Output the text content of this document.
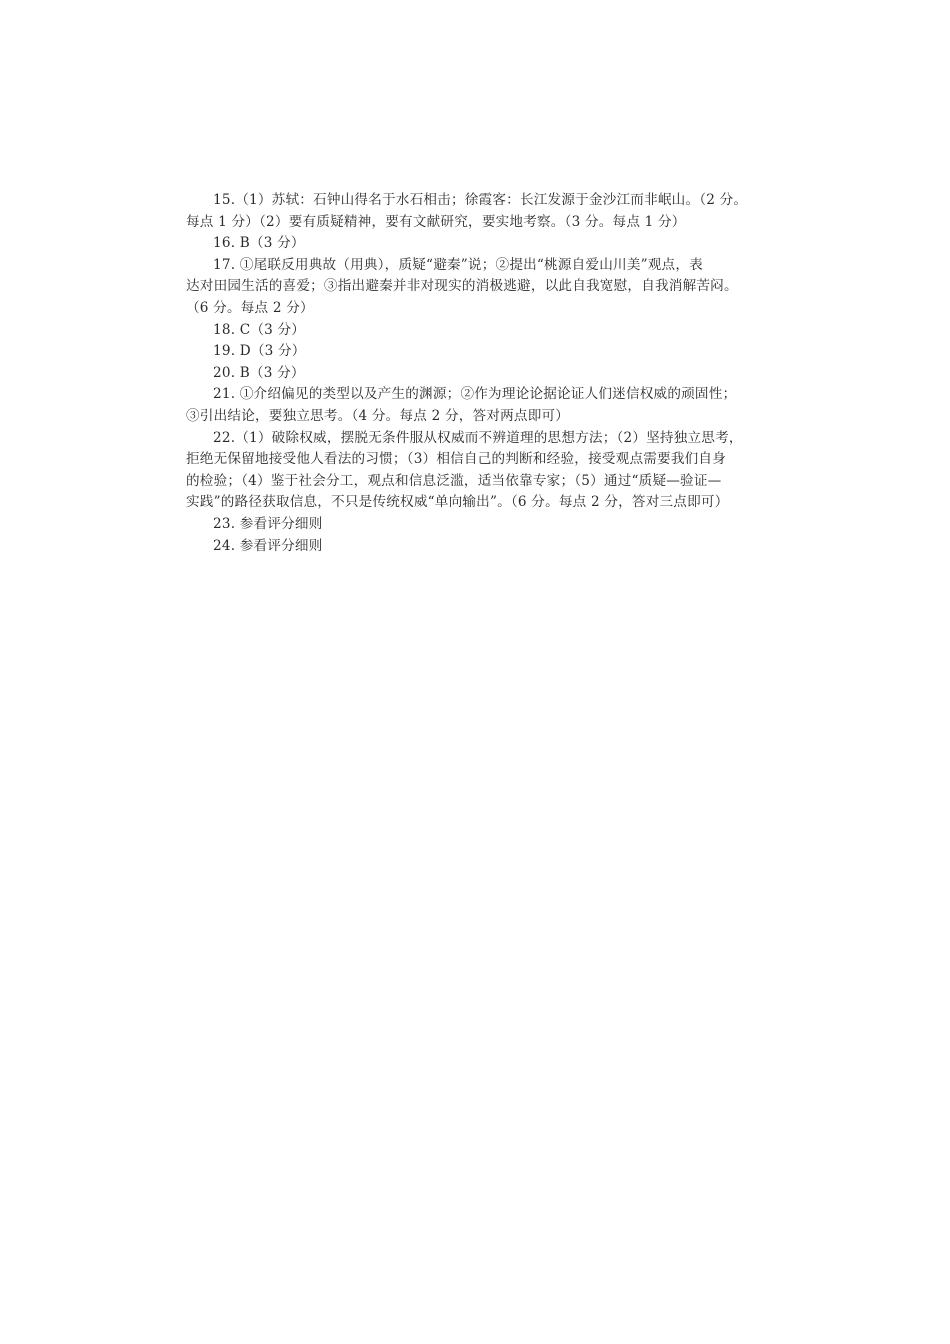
15.（1）苏轼：石钟山得名于水石相击；徐霞客：长江发源于金沙江而非岷山。（2 分。
每点 1 分）（2）要有质疑精神，要有文献研究，要实地考察。（3 分。每点 1 分）
16. B（3 分）
17. ①尾联反用典故（用典），质疑“避秦”说；②提出“桃源自爱山川美”观点，表
达对田园生活的喜爱；③指出避秦并非对现实的消极逃避，以此自我宽慰，自我消解苦闷。
（6 分。每点 2 分）
18. C（3 分）
19. D（3 分）
20. B（3 分）
21. ①介绍偏见的类型以及产生的渊源；②作为理论论据论证人们迷信权威的顽固性；
③引出结论，要独立思考。（4 分。每点 2 分，答对两点即可）
22.（1）破除权威，摆脱无条件服从权威而不辨道理的思想方法；（2）坚持独立思考，
拒绝无保留地接受他人看法的习惯；（3）相信自己的判断和经验，接受观点需要我们自身
的检验；（4）鉴于社会分工，观点和信息泛滥，适当依靠专家；（5）通过“质疑—验证—
实践”的路径获取信息，不只是传统权威“单向输出”。（6 分。每点 2 分，答对三点即可）
23. 参看评分细则
24. 参看评分细则
